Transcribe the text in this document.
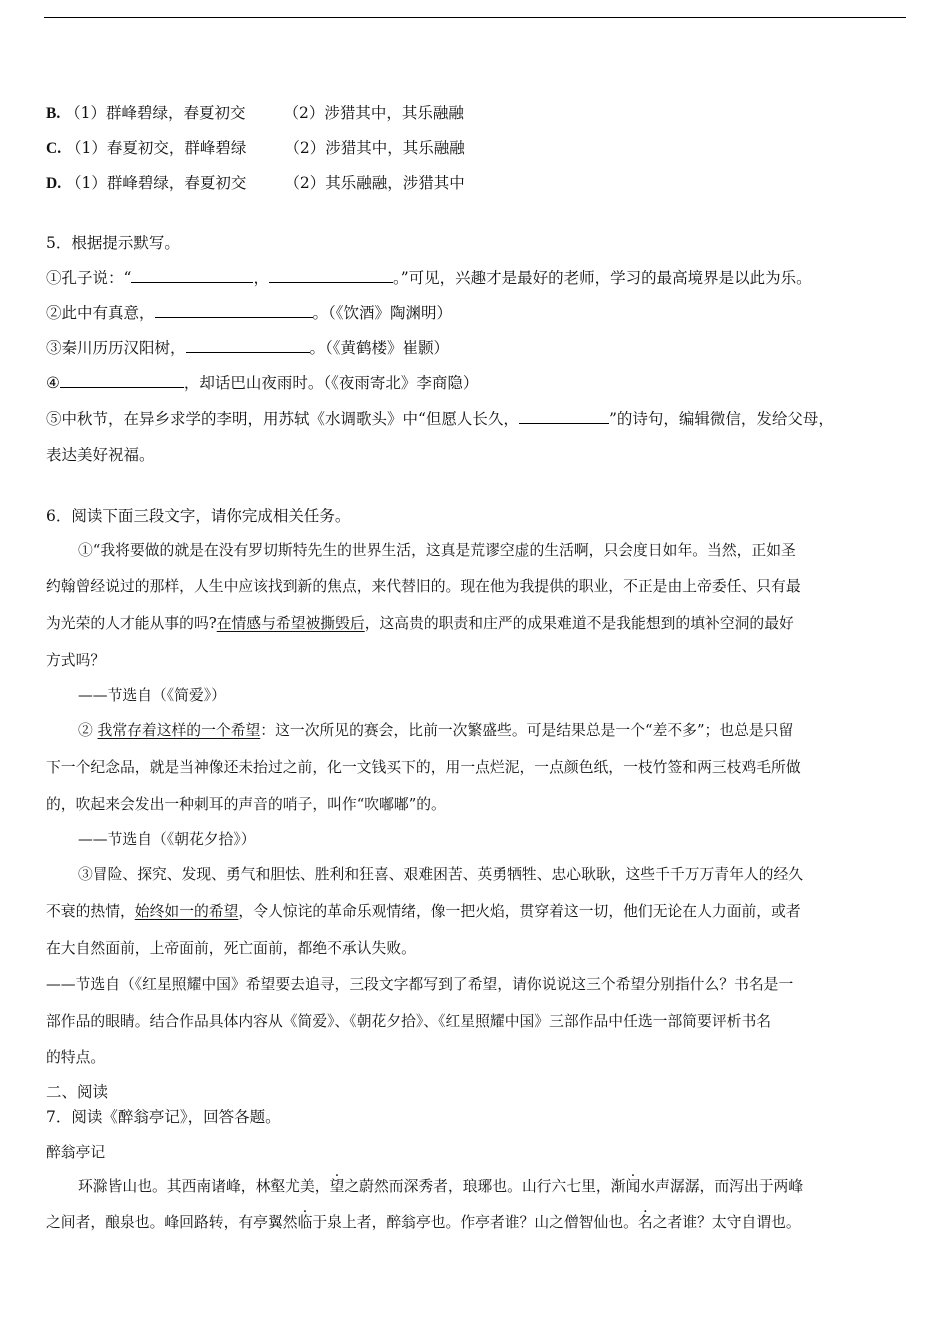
B. （1）群峰碧绿，春夏初交 （2）涉猎其中，其乐融融
C. （1）春夏初交，群峰碧绿 （2）涉猎其中，其乐融融
D. （1）群峰碧绿，春夏初交 （2）其乐融融，涉猎其中
5．根据提示默写。
①孔子说：“	，	。”可见，兴趣才是最好的老师，学习的最高境界是以此为乐。
②此中有真意，	。（《饮酒》陶渊明）
③秦川历历汉阳树，	。（《黄鹤楼》崔颢）
④	，却话巴山夜雨时。（《夜雨寄北》李商隐）
⑤中秋节，在异乡求学的李明，用苏轼《水调歌头》中“但愿人长久，	”的诗句，编辑微信，发给父母，
表达美好祝福。
6．阅读下面三段文字，请你完成相关任务。
①“我将要做的就是在没有罗切斯特先生的世界生活，这真是荒谬空虚的生活啊，只会度日如年。当然，正如圣
约翰曾经说过的那样，人生中应该找到新的焦点，来代替旧的。现在他为我提供的职业，不正是由上帝委任、只有最
为光荣的人才能从事的吗?在情感与希望被撕毁后，这高贵的职责和庄严的成果难道不是我能想到的填补空洞的最好
方式吗？
——节选自（《简爱》）
② 我常存着这样的一个希望：这一次所见的赛会，比前一次繁盛些。可是结果总是一个“差不多”；也总是只留
下一个纪念品，就是当神像还未抬过之前，化一文钱买下的，用一点烂泥，一点颜色纸，一枝竹签和两三枝鸡毛所做
的，吹起来会发出一种刺耳的声音的哨子，叫作“吹嘟嘟”的。
——节选自（《朝花夕拾》）
③冒险、探究、发现、勇气和胆怯、胜利和狂喜、艰难困苦、英勇牺牲、忠心耿耿，这些千千万万青年人的经久
不衰的热情，始终如一的希望，令人惊诧的革命乐观情绪，像一把火焰，贯穿着这一切，他们无论在人力面前，或者
在大自然面前，上帝面前，死亡面前，都绝不承认失败。
——节选自（《红星照耀中国》希望要去追寻，三段文字都写到了希望，请你说说这三个希望分别指什么？书名是一
部作品的眼睛。结合作品具体内容从《简爱》、《朝花夕拾》、《红星照耀中国》三部作品中任选一部简要评析书名
的特点。
二、阅读
7．阅读《醉翁亭记》，回答各题。
醉翁亭记
环滁皆山也。其西南诸峰，林壑尤美，望之蔚然而深秀者，琅琊也。山行六七里，渐闻水声潺潺，而泻出于两峰
之间者，酿泉也。峰回路转，有亭翼然临于泉上者，醉翁亭也。作亭者谁？山之僧智仙也。名之者谁？太守自谓也。
